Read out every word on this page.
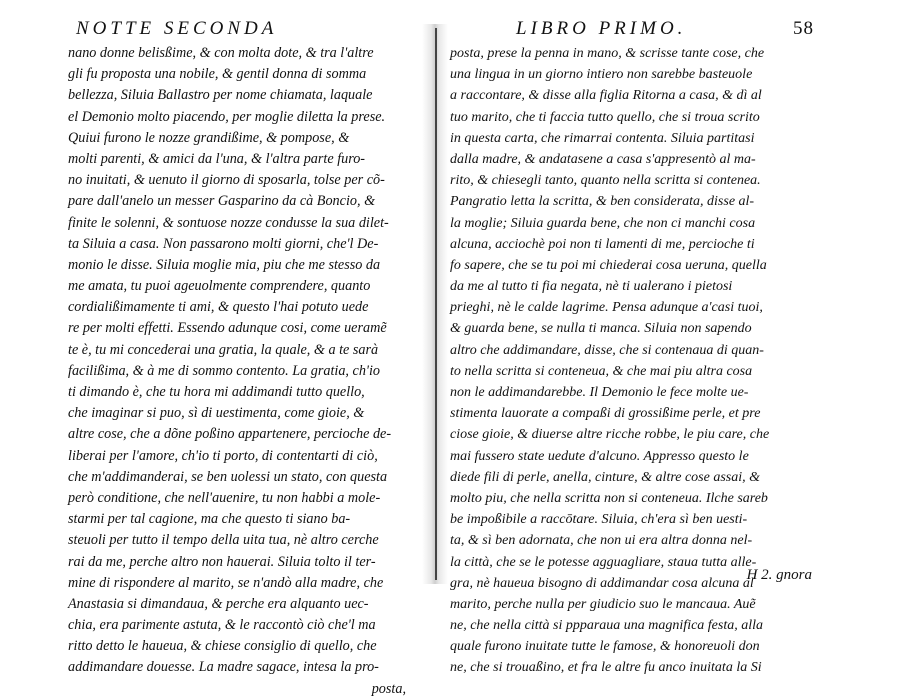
NOTTE SECONDA
nano donne belisßime, & con molta dote, & tra l'altre
gli fu proposta una nobile, & gentil donna di somma
bellezza, Siluia Ballastro per nome chiamata, laquale
el Demonio molto piacendo, per moglie diletta la prese.
Quiui furono le nozze grandißime, & pompose, &
molti parenti, & amici da l'una, & l'altra parte furo-
no inuitati, & uenuto il giorno di sposarla, tolse per cõ-
pare dall'anelo un messer Gasparino da cà Boncio, &
finite le solenni, & sontuose nozze condusse la sua dilet-
ta Siluia a casa. Non passarono molti giorni, che'l De-
monio le disse. Siluia moglie mia, piu che me stesso da
me amata, tu puoi ageuolmente comprendere, quanto
cordialißimamente ti ami, & questo l'hai potuto uede
re per molti effetti. Essendo adunque cosi, come ueramẽ
te è, tu mi concederai una gratia, la quale, & a te sarà
facilißima, & à me di sommo contento. La gratia, ch'io
ti dimando è, che tu hora mi addimandi tutto quello,
che imaginar si puo, sì di uestimenta, come gioie, &
altre cose, che a dõne poßino appartenere, percioche de-
liberai per l'amore, ch'io ti porto, di contentarti di ciò,
che m'addimanderai, se ben uolessi un stato, con questa
però conditione, che nell'auenire, tu non habbi a mole-
starmi per tal cagione, ma che questo ti siano ba-
steuoli per tutto il tempo della uita tua, nè altro cerche
rai da me, perche altro non hauerai. Siluia tolto il ter-
mine di rispondere al marito, se n'andò alla madre, che
Anastasia si dimandaua, & perche era alquanto uec-
chia, era parimente astuta, & le raccontò ciò che'l ma
ritto detto le haueua, & chiese consiglio di quello, che
addimandare douesse. La madre sagace, intesa la pro-
posta,
LIBRO PRIMO.	58
posta, prese la penna in mano, & scrisse tante cose, che
una lingua in un giorno intiero non sarebbe basteuole
a raccontare, & disse alla figlia Ritorna a casa, & dì al
tuo marito, che ti faccia tutto quello, che si troua scrito
in questa carta, che rimarrai contenta. Siluia partitasi
dalla madre, & andatasene a casa s'appresentò al ma-
rito, & chiesegli tanto, quanto nella scritta si contenea.
Pangratio letta la scritta, & ben considerata, disse al-
la moglie; Siluia guarda bene, che non ci manchi cosa
alcuna, acciochè poi non ti lamenti di me, percioche ti
fo sapere, che se tu poi mi chiederai cosa ueruna, quella
da me al tutto ti fia negata, nè ti ualerano i pietosi
prieghi, nè le calde lagrime. Pensa adunque a'casi tuoi,
& guarda bene, se nulla ti manca. Siluia non sapendo
altro che addimandare, disse, che si contenaua di quan-
to nella scritta si conteneua, & che mai piu altra cosa
non le addimandarebbe. Il Demonio le fece molte ue-
stimenta lauorate a compaßi di grossißime perle, et pre
ciose gioie, & diuerse altre ricche robbe, le piu care, che
mai fussero state uedute d'alcuno. Appresso questo le
diede fili di perle, anella, cinture, & altre cose assai, &
molto piu, che nella scritta non si conteneua. Ilche sareb
be impoßibile a raccōtare. Siluia, ch'era sì ben uesti-
ta, & sì ben adornata, che non ui era altra donna nel-
la città, che se le potesse agguagliare, staua tutta alle-
gra, nè haueua bisogno di addimandar cosa alcuna al
marito, perche nulla per giudicio suo le mancaua. Auẽ
ne, che nella città si ppparaua una magnifica festa, alla
quale furono inuitate tutte le famose, & honoreuoli don
ne, che si trouaßino, et fra le altre fu anco inuitata la Si
H 2. gnora
